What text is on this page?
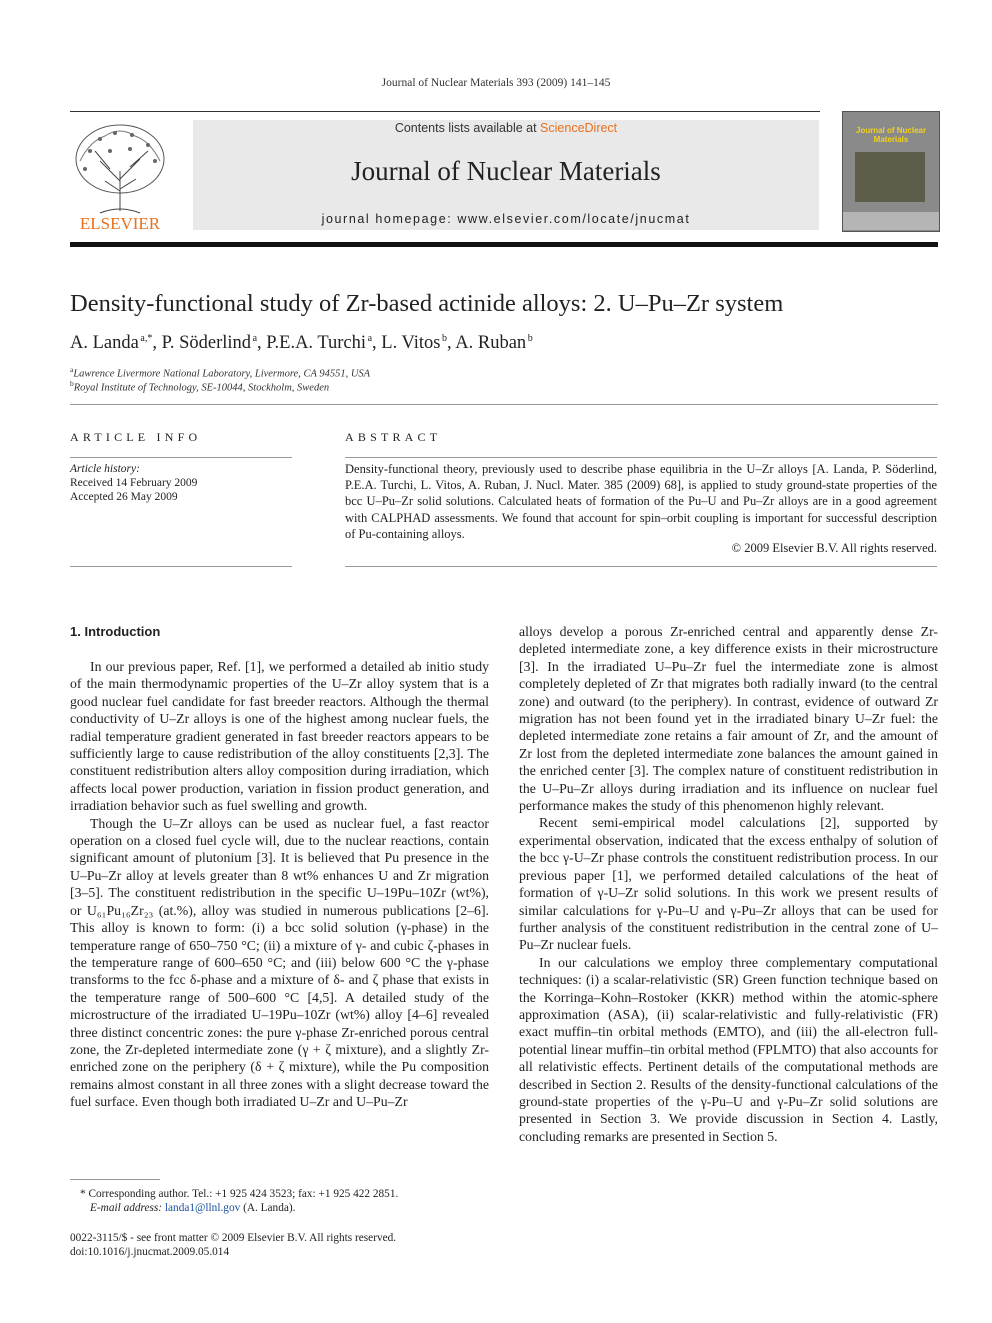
Journal of Nuclear Materials 393 (2009) 141–145
ELSEVIER
Contents lists available at ScienceDirect
Journal of Nuclear Materials
journal homepage: www.elsevier.com/locate/jnucmat
Journal of Nuclear Materials
Density-functional study of Zr-based actinide alloys: 2. U–Pu–Zr system
A. Landa  $^{a,*}$, P. Söderlind  $^a$, P.E.A. Turchi  $^a$, L. Vitos  $^b$, A. Ruban  $^b$
$^a$Lawrence Livermore National Laboratory, Livermore, CA 94551, USA
$^b$Royal Institute of Technology, SE-10044, Stockholm, Sweden
ARTICLE INFO
Article history:
Received 14 February 2009
Accepted 26 May 2009
ABSTRACT
Density-functional theory, previously used to describe phase equilibria in the U–Zr alloys [A. Landa, P. Söderlind, P.E.A. Turchi, L. Vitos, A. Ruban, J. Nucl. Mater. 385 (2009) 68], is applied to study ground-state properties of the bcc U–Pu–Zr solid solutions. Calculated heats of formation of the Pu–U and Pu–Zr alloys are in a good agreement with CALPHAD assessments. We found that account for spin–orbit coupling is important for successful description of Pu-containing alloys.
© 2009 Elsevier B.V. All rights reserved.
1. Introduction

In our previous paper, Ref. [1], we performed a detailed ab initio study of the main thermodynamic properties of the U–Zr alloy system that is a good nuclear fuel candidate for fast breeder reactors. Although the thermal conductivity of U–Zr alloys is one of the highest among nuclear fuels, the radial temperature gradient generated in fast breeder reactors appears to be sufficiently large to cause redistribution of the alloy constituents [2,3]. The constituent redistribution alters alloy composition during irradiation, which affects local power production, variation in fission product generation, and irradiation behavior such as fuel swelling and growth.

Though the U–Zr alloys can be used as nuclear fuel, a fast reactor operation on a closed fuel cycle will, due to the nuclear reactions, contain significant amount of plutonium [3]. It is believed that Pu presence in the U–Pu–Zr alloy at levels greater than 8 wt% enhances U and Zr migration [3–5]. The constituent redistribution in the specific U–19Pu–10Zr (wt%), or U₆₁Pu₁₆Zr₂₃ (at.%), alloy was studied in numerous publications [2–6]. This alloy is known to form: (i) a bcc solid solution (γ-phase) in the temperature range of 650–750 °C; (ii) a mixture of γ- and cubic ζ-phases in the temperature range of 600–650 °C; and (iii) below 600 °C the γ-phase transforms to the fcc δ-phase and a mixture of δ- and ζ phase that exists in the temperature range of 500–600 °C [4,5]. A detailed study of the microstructure of the irradiated U–19Pu–10Zr (wt%) alloy [4–6] revealed three distinct concentric zones: the pure γ-phase Zr-enriched porous central zone, the Zr-depleted intermediate zone (γ + ζ mixture), and a slightly Zr-enriched zone on the periphery (δ + ζ mixture), while the Pu composition remains almost constant in all three zones with a slight decrease toward the fuel surface. Even though both irradiated U–Zr and U–Pu–Zr

alloys develop a porous Zr-enriched central and apparently dense Zr-depleted intermediate zone, a key difference exists in their microstructure [3]. In the irradiated U–Pu–Zr fuel the intermediate zone is almost completely depleted of Zr that migrates both radially inward (to the central zone) and outward (to the periphery). In contrast, evidence of outward Zr migration has not been found yet in the irradiated binary U–Zr fuel: the depleted intermediate zone retains a fair amount of Zr, and the amount of Zr lost from the depleted intermediate zone balances the amount gained in the enriched center [3]. The complex nature of constituent redistribution in the U–Pu–Zr alloys during irradiation and its influence on nuclear fuel performance makes the study of this phenomenon highly relevant.

Recent semi-empirical model calculations [2], supported by experimental observation, indicated that the excess enthalpy of solution of the bcc γ-U–Zr phase controls the constituent redistribution process. In our previous paper [1], we performed detailed calculations of the heat of formation of γ-U–Zr solid solutions. In this work we present results of similar calculations for γ-Pu–U and γ-Pu–Zr alloys that can be used for further analysis of the constituent redistribution in the central zone of U–Pu–Zr nuclear fuels.

In our calculations we employ three complementary computational techniques: (i) a scalar-relativistic (SR) Green function technique based on the Korringa–Kohn–Rostoker (KKR) method within the atomic-sphere approximation (ASA), (ii) scalar-relativistic and fully-relativistic (FR) exact muffin–tin orbital methods (EMTO), and (iii) the all-electron full-potential linear muffin–tin orbital method (FPLMTO) that also accounts for all relativistic effects. Pertinent details of the computational methods are described in Section 2. Results of the density-functional calculations of the ground-state properties of the γ-Pu–U and γ-Pu–Zr solid solutions are presented in Section 3. We provide discussion in Section 4. Lastly, concluding remarks are presented in Section 5.

* Corresponding author. Tel.: +1 925 424 3523; fax: +1 925 422 2851.
E-mail address: landa1@llnl.gov (A. Landa).
0022-3115/$ - see front matter © 2009 Elsevier B.V. All rights reserved.
doi:10.1016/j.jnucmat.2009.05.014
